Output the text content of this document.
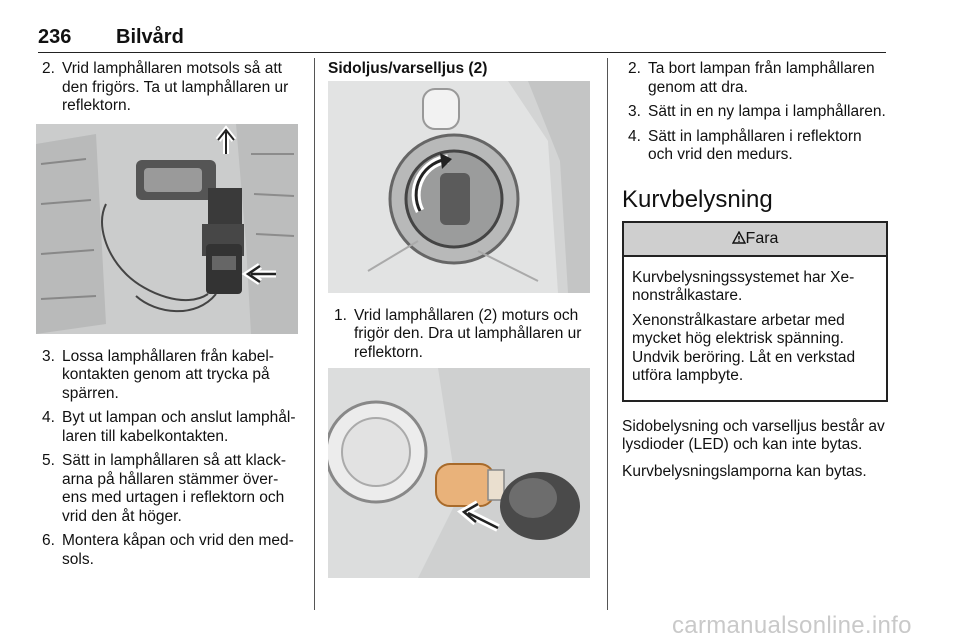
236 Bilvård
2. Vrid lamphållaren motsols så att den frigörs. Ta ut lamphållaren ur reflektorn.
3. Lossa lamphållaren från kabel-kontakten genom att trycka på spärren.
4. Byt ut lampan och anslut lamphål-laren till kabelkontakten.
5. Sätt in lamphållaren så att klack-arna på hållaren stämmer över-ens med urtagen i reflektorn och vrid den åt höger.
6. Montera kåpan och vrid den med-sols.
Sidoljus/varselljus (2)
1. Vrid lamphållaren (2) moturs och frigör den. Dra ut lamphållaren ur reflektorn.
2. Ta bort lampan från lamphållaren genom att dra.
3. Sätt in en ny lampa i lamphållaren.
4. Sätt in lamphållaren i reflektorn och vrid den medurs.
Kurvbelysning
Fara

Kurvbelysningssystemet har Xe-nonstrålkastare.

Xenonstrålkastare arbetar med mycket hög elektrisk spänning. Undvik beröring. Låt en verkstad utföra lampbyte.

Sidobelysning och varselljus består av lysdioder (LED) och kan inte bytas.

Kurvbelysningslamporna kan bytas.

carmanualsonline.info
